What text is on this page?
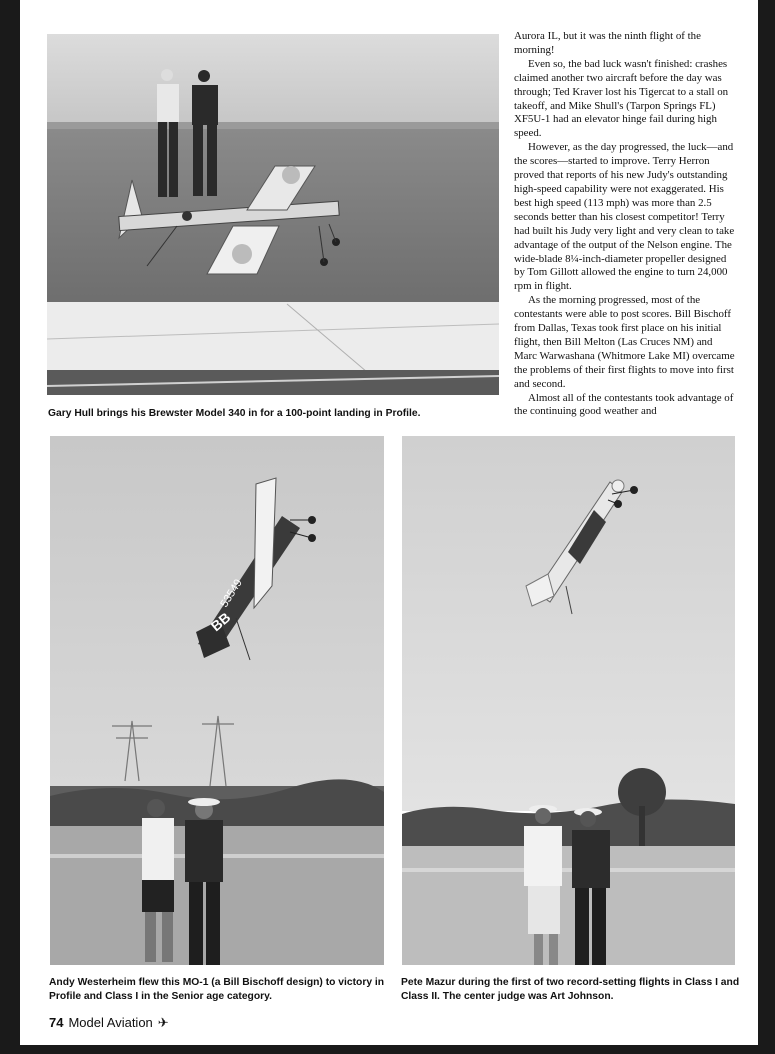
Gary Hull brings his Brewster Model 340 in for a 100-point landing in Profile.

Aurora IL, but it was the ninth flight of the morning!

Even so, the bad luck wasn't finished: crashes claimed another two aircraft before the day was through; Ted Kraver lost his Tigercat to a stall on takeoff, and Mike Shull's (Tarpon Springs FL) XF5U-1 had an elevator hinge fail during high speed.

However, as the day progressed, the luck—and the scores—started to improve. Terry Herron proved that reports of his new Judy's outstanding high-speed capability were not exaggerated. His best high speed (113 mph) was more than 2.5 seconds better than his closest competitor! Terry had built his Judy very light and very clean to take advantage of the output of the Nelson engine. The wide-blade 8¼-inch-diameter propeller designed by Tom Gillott allowed the engine to turn 24,000 rpm in flight.

As the morning progressed, most of the contestants were able to post scores. Bill Bischoff from Dallas, Texas took first place on his initial flight, then Bill Melton (Las Cruces NM) and Marc Warwashana (Whitmore Lake MI) overcame the problems of their first flights to move into first and second.

Almost all of the contestants took advantage of the continuing good weather and

BB
53549

Andy Westerheim flew this MO-1 (a Bill Bischoff design) to victory in Profile and Class I in the Senior age category.

Pete Mazur during the first of two record-setting flights in Class I and Class II. The center judge was Art Johnson.

74 Model Aviation ✈
